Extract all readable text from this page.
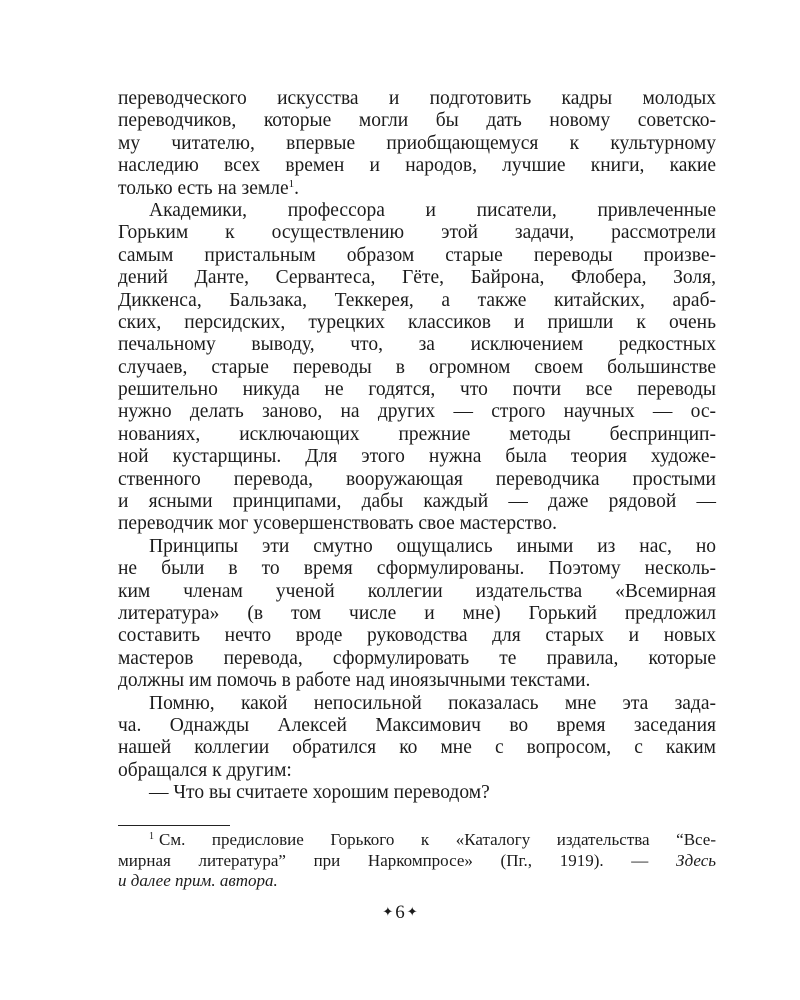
переводческого искусства и подготовить кадры молодых
переводчиков, которые могли бы дать новому советско-
му читателю, впервые приобщающемуся к культурному
наследию всех времен и народов, лучшие книги, какие
только есть на земле$^1$.
Академики, профессора и писатели, привлеченные
Горьким к осуществлению этой задачи, рассмотрели
самым пристальным образом старые переводы произве-
дений Данте, Сервантеса, Гёте, Байрона, Флобера, Золя,
Диккенса, Бальзака, Теккерея, а также китайских, араб-
ских, персидских, турецких классиков и пришли к очень
печальному выводу, что, за исключением редкостных
случаев, старые переводы в огромном своем большинстве
решительно никуда не годятся, что почти все переводы
нужно делать заново, на других — строго научных — ос-
нованиях, исключающих прежние методы беспринцип-
ной кустарщины. Для этого нужна была теория художе-
ственного перевода, вооружающая переводчика простыми
и ясными принципами, дабы каждый — даже рядовой —
переводчик мог усовершенствовать свое мастерство.
Принципы эти смутно ощущались иными из нас, но
не были в то время сформулированы. Поэтому несколь-
ким членам ученой коллегии издательства «Всемирная
литература» (в том числе и мне) Горький предложил
составить нечто вроде руководства для старых и новых
мастеров перевода, сформулировать те правила, которые
должны им помочь в работе над иноязычными текстами.
Помню, какой непосильной показалась мне эта зада-
ча. Однажды Алексей Максимович во время заседания
нашей коллегии обратился ко мне с вопросом, с каким
обращался к другим:
— Что вы считаете хорошим переводом?
$^1$ См. предисловие Горького к «Каталогу издательства “Все-
мирная литература” при Наркомпросе» (Пг., 1919). — Здесь
и далее прим. автора.
✦ 6 ✦
